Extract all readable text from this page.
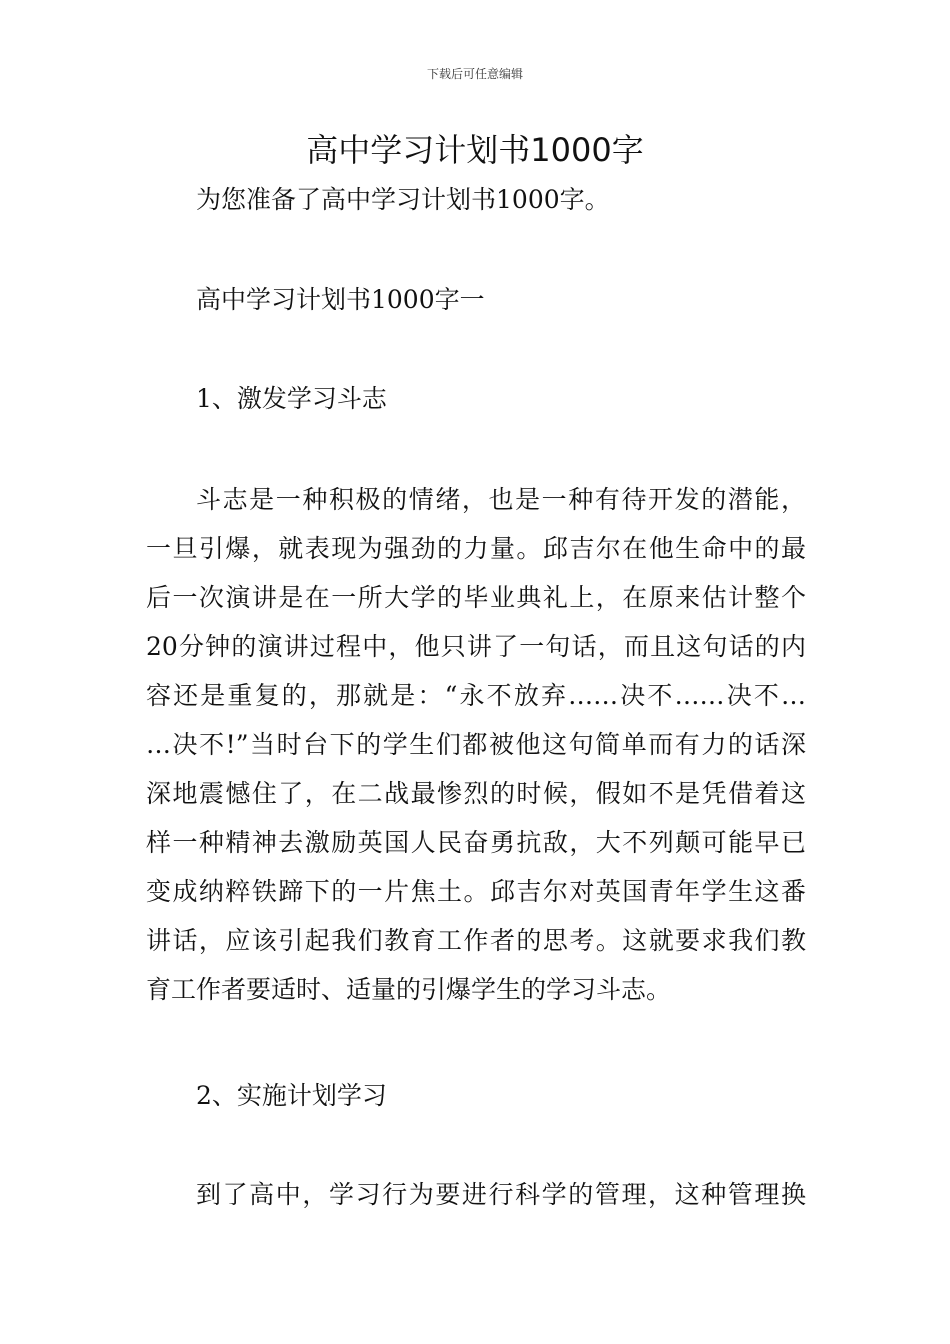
下载后可任意编辑
高中学习计划书1000字

为您准备了高中学习计划书1000字。

高中学习计划书1000字一

1、激发学习斗志

斗志是一种积极的情绪，也是一种有待开发的潜能，
一旦引爆，就表现为强劲的力量。邱吉尔在他生命中的最
后一次演讲是在一所大学的毕业典礼上，在原来估计整个
20分钟的演讲过程中，他只讲了一句话，而且这句话的内
容还是重复的，那就是：“永不放弃……决不……决不…
…决不!”当时台下的学生们都被他这句简单而有力的话深
深地震憾住了，在二战最惨烈的时候，假如不是凭借着这
样一种精神去激励英国人民奋勇抗敌，大不列颠可能早已
变成纳粹铁蹄下的一片焦土。邱吉尔对英国青年学生这番
讲话，应该引起我们教育工作者的思考。这就要求我们教
育工作者要适时、适量的引爆学生的学习斗志。

2、实施计划学习

到了高中，学习行为要进行科学的管理，这种管理换
